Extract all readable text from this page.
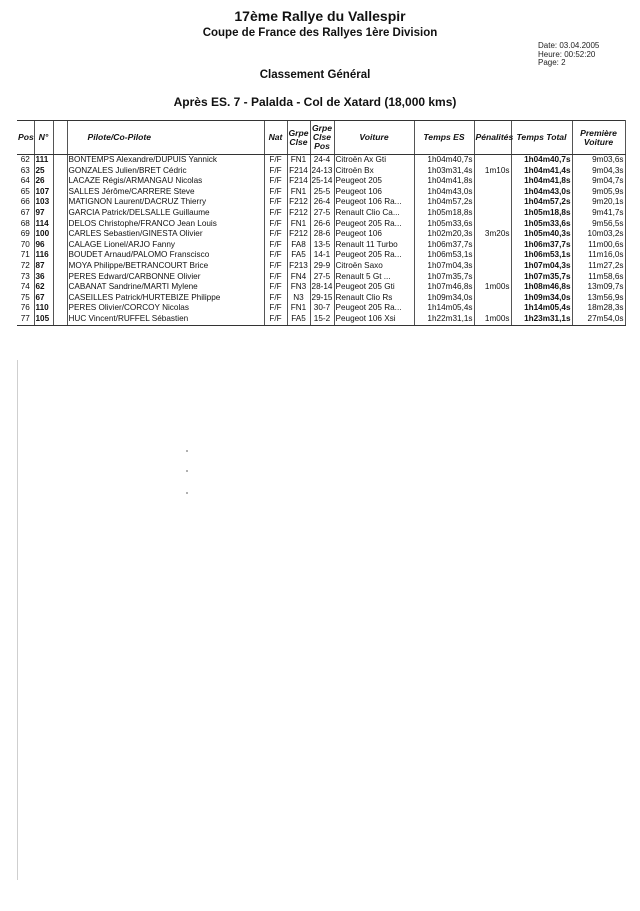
17ème Rallye du Vallespir
Coupe de France des Rallyes 1ère Division
Date: 03.04.2005
Heure: 00:52:20
Page: 2
Classement Général
Après ES. 7 - Palalda - Col de Xatard (18,000 kms)
Pos	N°		Pilote/Co-Pilote	Nat	Grpe Clse	Grpe Clse Pos	Voiture	Temps ES	Pénalités	Temps Total	Première Voiture
62	111		BONTEMPS Alexandre/DUPUIS Yannick	F/F	FN1	24-4	Citroën Ax Gti	1h04m40,7s		1h04m40,7s	9m03,6s
63	25		GONZALES Julien/BRET Cédric	F/F	F214	24-13	Citroën Bx	1h03m31,4s	1m10s	1h04m41,4s	9m04,3s
64	26		LACAZE Régis/ARMANGAU Nicolas	F/F	F214	25-14	Peugeot 205	1h04m41,8s		1h04m41,8s	9m04,7s
65	107		SALLES Jérôme/CARRERE Steve	F/F	FN1	25-5	Peugeot 106	1h04m43,0s		1h04m43,0s	9m05,9s
66	103		MATIGNON Laurent/DACRUZ Thierry	F/F	F212	26-4	Peugeot 106 Ra...	1h04m57,2s		1h04m57,2s	9m20,1s
67	97		GARCIA Patrick/DELSALLE Guillaume	F/F	F212	27-5	Renault Clio Ca...	1h05m18,8s		1h05m18,8s	9m41,7s
68	114		DELOS Christophe/FRANCO Jean Louis	F/F	FN1	26-6	Peugeot 205 Ra...	1h05m33,6s		1h05m33,6s	9m56,5s
69	100		CARLES Sebastien/GINESTA Olivier	F/F	F212	28-6	Peugeot 106	1h02m20,3s	3m20s	1h05m40,3s	10m03,2s
70	96		CALAGE Lionel/ARJO Fanny	F/F	FA8	13-5	Renault 11 Turbo	1h06m37,7s		1h06m37,7s	11m00,6s
71	116		BOUDET Arnaud/PALOMO Franscisco	F/F	FA5	14-1	Peugeot 205 Ra...	1h06m53,1s		1h06m53,1s	11m16,0s
72	87		MOYA Philippe/BETRANCOURT Brice	F/F	F213	29-9	Citroën Saxo	1h07m04,3s		1h07m04,3s	11m27,2s
73	36		PERES Edward/CARBONNE Olivier	F/F	FN4	27-5	Renault 5 Gt ...	1h07m35,7s		1h07m35,7s	11m58,6s
74	62		CABANAT Sandrine/MARTI Mylene	F/F	FN3	28-14	Peugeot 205 Gti	1h07m46,8s	1m00s	1h08m46,8s	13m09,7s
75	67		CASEILLES Patrick/HURTEBIZE Philippe	F/F	N3	29-15	Renault Clio Rs	1h09m34,0s		1h09m34,0s	13m56,9s
76	110		PERES Olivier/CORCOY Nicolas	F/F	FN1	30-7	Peugeot 205 Ra...	1h14m05,4s		1h14m05,4s	18m28,3s
77	105		HUC Vincent/RUFFEL Sébastien	F/F	FA5	15-2	Peugeot 106 Xsi	1h22m31,1s	1m00s	1h23m31,1s	27m54,0s
